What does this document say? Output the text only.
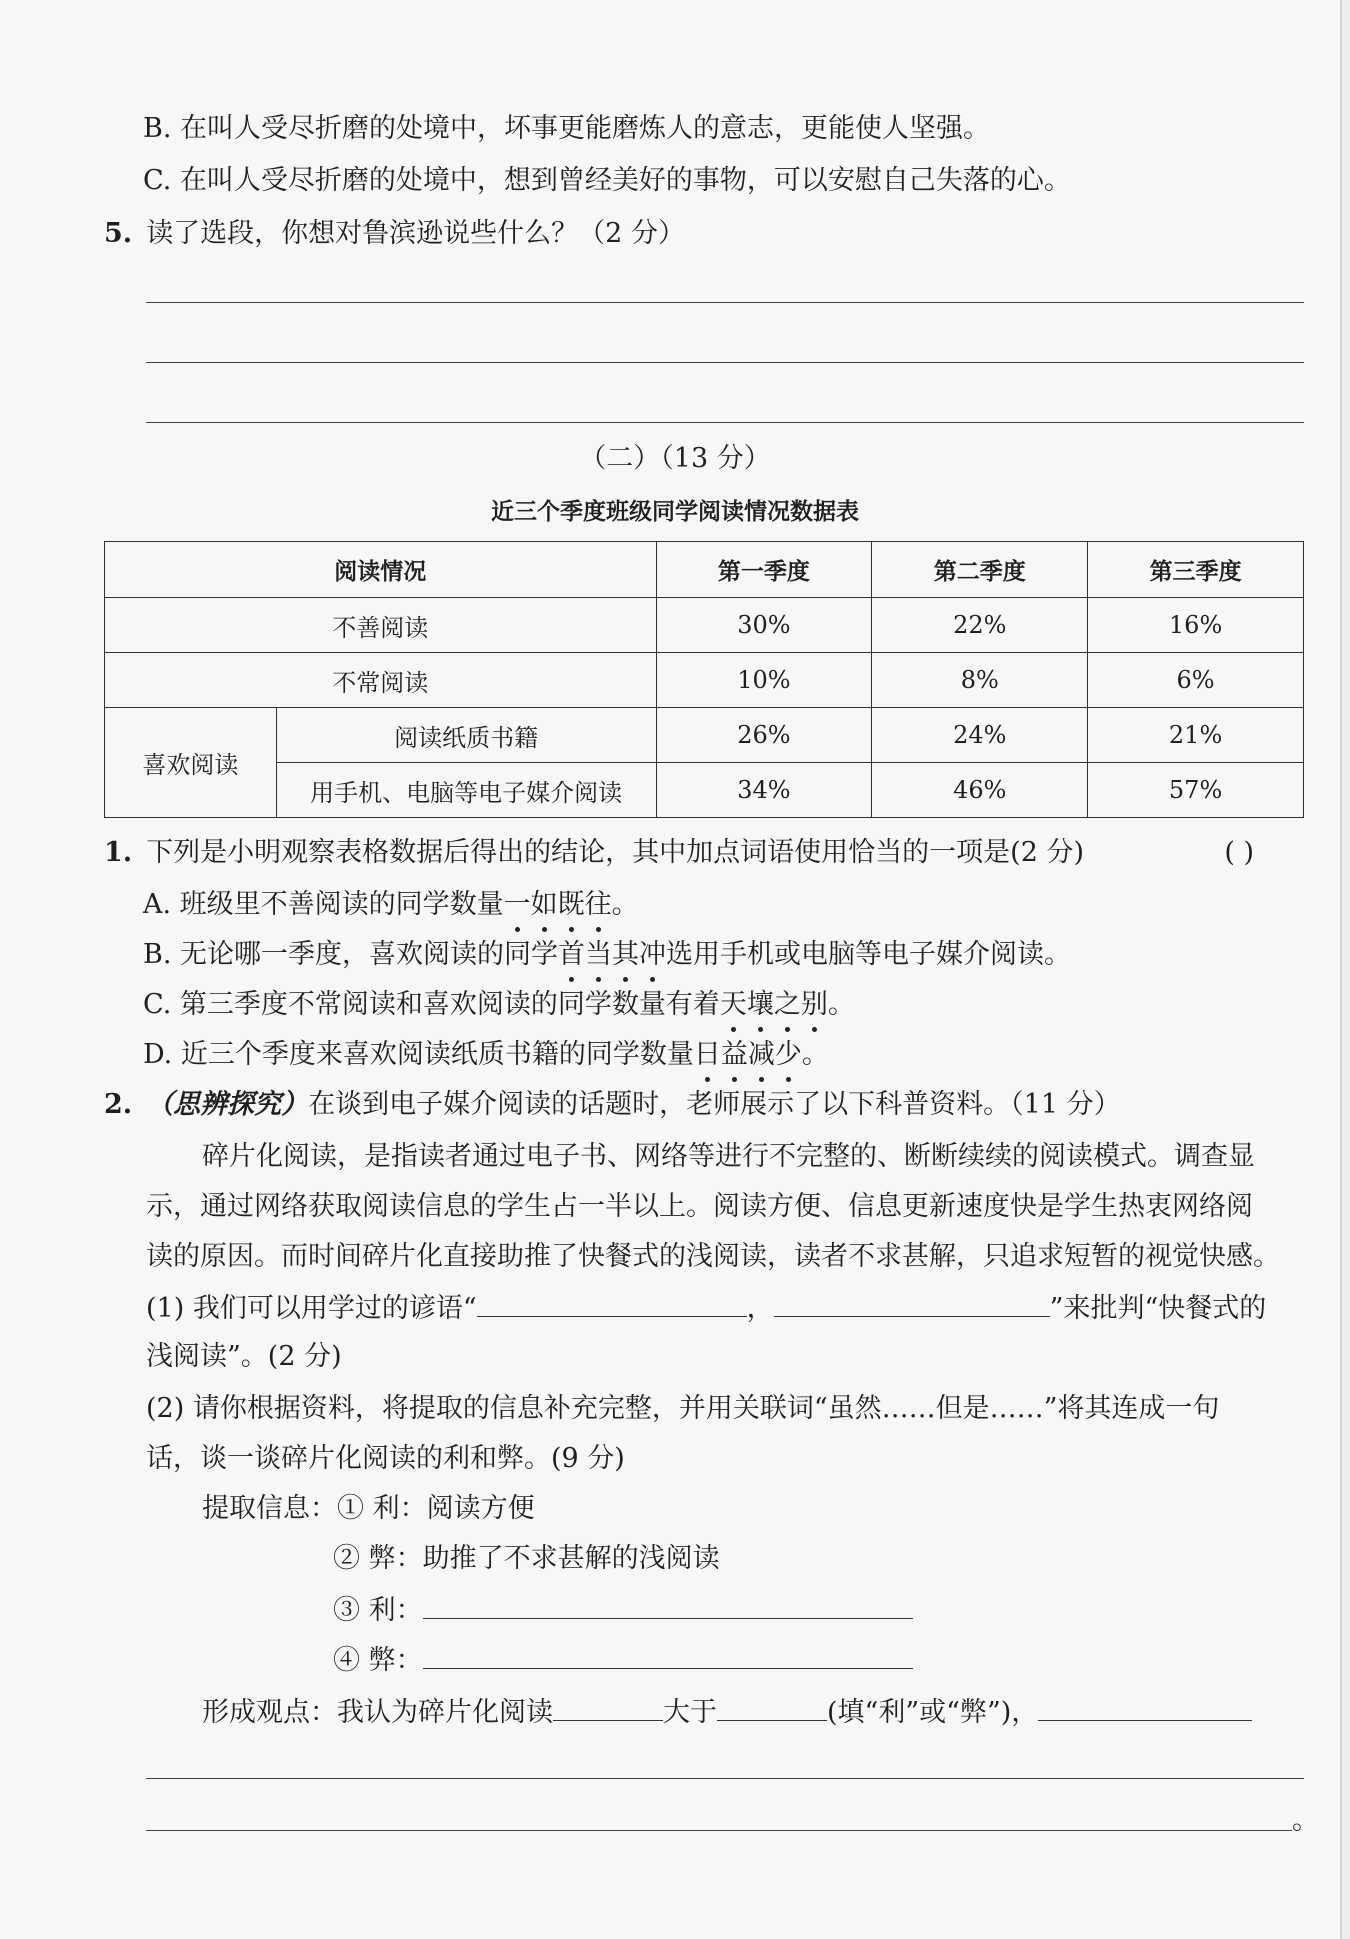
B. 在叫人受尽折磨的处境中，坏事更能磨炼人的意志，更能使人坚强。
C. 在叫人受尽折磨的处境中，想到曾经美好的事物，可以安慰自己失落的心。
5. 读了选段，你想对鲁滨逊说些什么？（2 分）
（二）（13 分）
近三个季度班级同学阅读情况数据表
阅读情况		第一季度	第二季度	第三季度
不善阅读		30%	22%	16%
不常阅读		10%	8%	6%
喜欢阅读	阅读纸质书籍	26%	24%	21%
	用手机、电脑等电子媒介阅读	34%	46%	57%
1. 下列是小明观察表格数据后得出的结论，其中加点词语使用恰当的一项是(2 分)	( )
A. 班级里不善阅读的同学数量一如既往。
B. 无论哪一季度，喜欢阅读的同学首当其冲选用手机或电脑等电子媒介阅读。
C. 第三季度不常阅读和喜欢阅读的同学数量有着天壤之别。
D. 近三个季度来喜欢阅读纸质书籍的同学数量日益减少。
2. （思辨探究）在谈到电子媒介阅读的话题时，老师展示了以下科普资料。（11 分）
碎片化阅读，是指读者通过电子书、网络等进行不完整的、断断续续的阅读模式。调查显
示，通过网络获取阅读信息的学生占一半以上。阅读方便、信息更新速度快是学生热衷网络阅
读的原因。而时间碎片化直接助推了快餐式的浅阅读，读者不求甚解，只追求短暂的视觉快感。
(1) 我们可以用学过的谚语“	，	”来批判“快餐式的
浅阅读”。(2 分)
(2) 请你根据资料，将提取的信息补充完整，并用关联词“虽然……但是……”将其连成一句
话，谈一谈碎片化阅读的利和弊。(9 分)
提取信息：① 利：阅读方便
② 弊：助推了不求甚解的浅阅读
③ 利：
④ 弊：
形成观点：我认为碎片化阅读	大于	(填“利”或“弊”)，
。
